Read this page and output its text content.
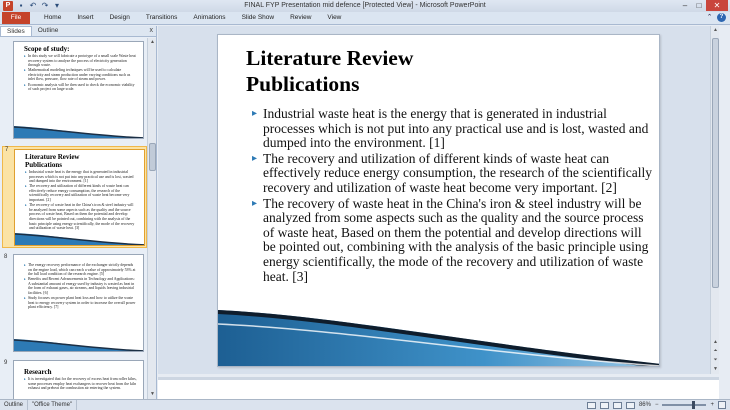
P	▪ ↶ ↷ ▾	FINAL FYP Presentation mid defence [Protected View] - Microsoft PowerPoint	–	□	✕
File	Home	Insert	Design	Transitions	Animations	Slide Show	Review	View	⌃	?
Slides	Outline	x
Scope of study:
▸ In this study we will fabricate a prototype of a small scale Waste heat recovery system to analyze the process of electricity generation through waste.
▸ Mathematical modeling techniques will be used to calculate electricity and steam production under varying conditions such as inlet flow, pressure, flow rate of steam and power.
▸ Economic analysis will be then used to check the economic viability of such project on large scale.
7
Literature Review
Publications
▸ Industrial waste heat is the energy that is generated in industrial processes which is not put into any practical use and is lost, wasted and dumped into the environment. [1]
▸ The recovery and utilization of different kinds of waste heat can effectively reduce energy consumption, the research of the scientifically recovery and utilization of waste heat become very important. [2]
▸ The recovery of waste heat in the China's iron & steel industry will be analyzed from some aspects such as the quality and the source process of waste heat, Based on them the potential and develop directions will be pointed out, combining with the analysis of the basic principle using energy scientifically, the mode of the recovery and utilization of waste heat. [3]
8
▸ The energy recovery performance of the exchanger strictly depends on the engine load, which can reach a value of approximately 53% at the full load condition of the research engine. [5]
▸ Benefits and Recent Advancements in Technology and Applications: A substantial amount of energy used by industry is wasted as heat in the form of exhaust gases, air streams, and liquids leaving industrial facilities. [6]
▸ Study focuses on power plant heat loss and how to utilize the waste heat to energy recovery system in order to increase the overall power plant efficiency. [7]
9
Research
▸ It is investigated that for the recovery of excess heat from roller kilns, some processes employ heat exchangers to recover heat from the kiln exhaust and preheat the combustion air entering the system.
▲
▼
Literature Review
Publications
▸ Industrial waste heat is the energy that is generated in industrial processes which is not put into any practical use and is lost, wasted and dumped into the environment. [1]
▸ The recovery and utilization of different kinds of waste heat can effectively reduce energy consumption, the research of the scientifically recovery and utilization of waste heat become very important. [2]
▸ The recovery of waste heat in the China's iron & steel industry will be analyzed from some aspects such as the quality and the source process of waste heat, Based on them the potential and develop directions will be pointed out, combining with the analysis of the basic principle using energy scientifically, the mode of the recovery and utilization of waste heat. [3]
▲
▲
⏶
⏷
▼
Outline	"Office Theme"	86% −	+
